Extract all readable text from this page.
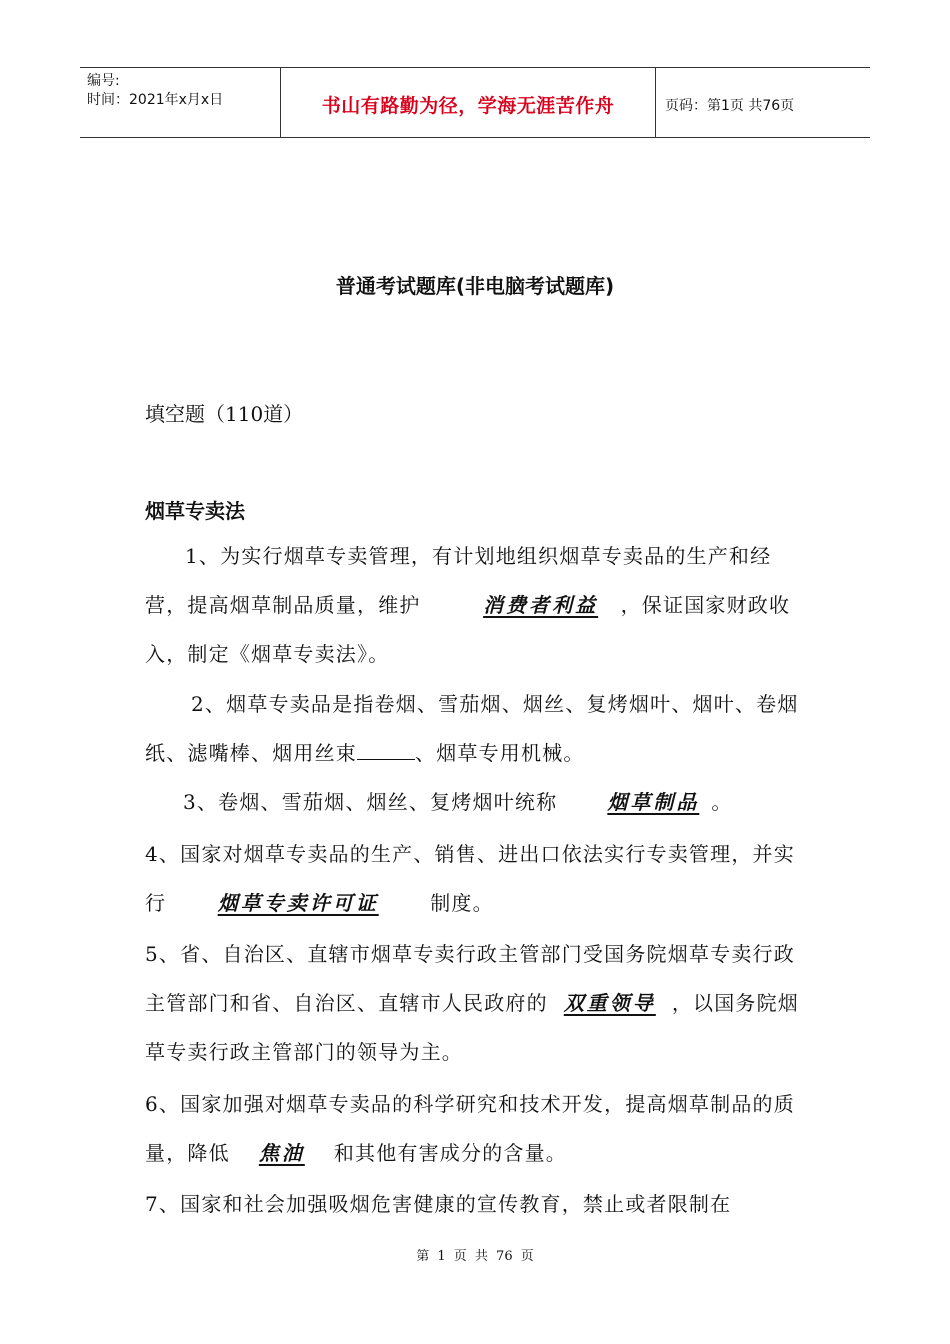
编号:
时间：2021年x月x日	书山有路勤为径，学海无涯苦作舟	页码：第1页 共76页
普通考试题库(非电脑考试题库)
填空题（110道）
烟草专卖法
1、为实行烟草专卖管理，有计划地组织烟草专卖品的生产和经营，提高烟草制品质量，维护	消费者利益 ，保证国家财政收入，制定《烟草专卖法》。
2、烟草专卖品是指卷烟、雪茄烟、烟丝、复烤烟叶、烟叶、卷烟纸、滤嘴棒、烟用丝束	、烟草专用机械。
3、卷烟、雪茄烟、烟丝、复烤烟叶统称	烟草制品 。
4、国家对烟草专卖品的生产、销售、进出口依法实行专卖管理，并实行	烟草专卖许可证	制度。
5、省、自治区、直辖市烟草专卖行政主管部门受国务院烟草专卖行政主管部门和省、自治区、直辖市人民政府的 双重领导 ，以国务院烟草专卖行政主管部门的领导为主。
6、国家加强对烟草专卖品的科学研究和技术开发，提高烟草制品的质量，降低 焦油 和其他有害成分的含量。
7、国家和社会加强吸烟危害健康的宣传教育，禁止或者限制在
第 1 页 共 76 页
